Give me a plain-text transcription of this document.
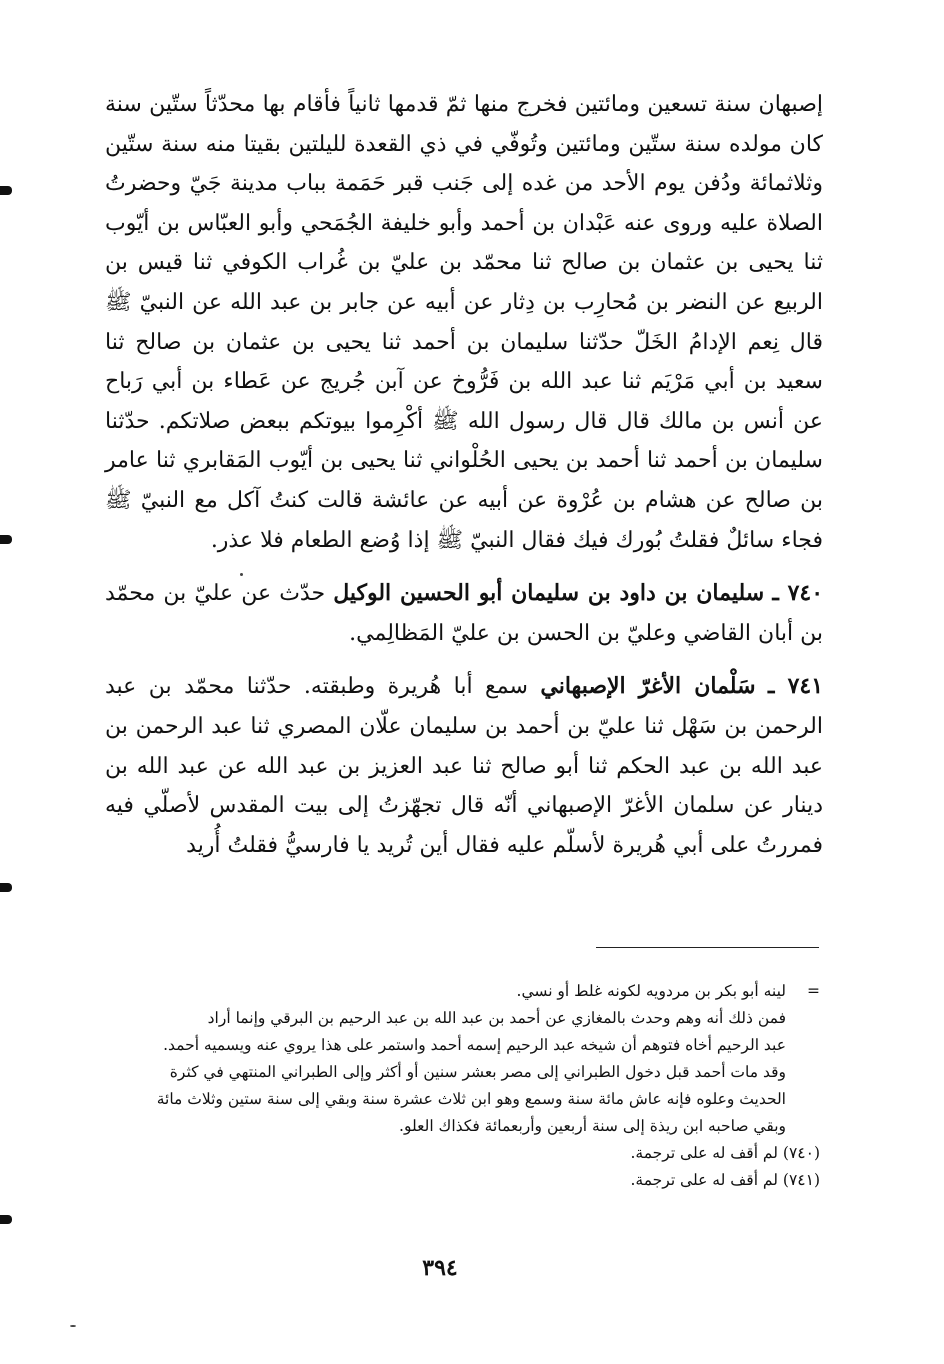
إصبهان سنة تسعين ومائتين فخرج منها ثمّ قدمها ثانياً فأقام بها محدّثاً ستّين سنة كان مولده سنة ستّين ومائتين وتُوفّي في ذي القعدة لليلتين بقيتا منه سنة ستّين وثلاثمائة ودُفن يوم الأحد من غده إلى جَنب قبر حَمَمة بباب مدينة جَيّ وحضرتُ الصلاة عليه وروى عنه عَبْدان بن أحمد وأبو خليفة الجُمَحي وأبو العبّاس بن أيّوب ثنا يحيى بن عثمان بن صالح ثنا محمّد بن عليّ بن غُراب الكوفي ثنا قيس بن الربيع عن النضر بن مُحارِب بن دِثار عن أبيه عن جابر بن عبد الله عن النبيّ ﷺ قال نِعم الإدامُ الخَلّ حدّثنا سليمان بن أحمد ثنا يحيى بن عثمان بن صالح ثنا سعيد بن أبي مَرْيَم ثنا عبد الله بن فَرُّوخ عن آبن جُريج عن عَطاء بن أبي رَباح عن أنس بن مالك قال قال رسول الله ﷺ أكْرِموا بيوتكم ببعض صلاتكم. حدّثنا سليمان بن أحمد ثنا أحمد بن يحيى الحُلْواني ثنا يحيى بن أيّوب المَقابري ثنا عامر بن صالح عن هشام بن عُرْوة عن أبيه عن عائشة قالت كنتُ آكل مع النبيّ ﷺ فجاء سائلٌ فقلتُ بُورك فيك فقال النبيّ ﷺ إذا وُضع الطعام فلا عذر.

٧٤٠ ـ سليمان بن داود بن سليمان أبو الحسين الوكيل حدّث عن عليّ بن محمّد بن أبان القاضي وعليّ بن الحسن بن عليّ المَظالِمي.

٧٤١ ـ سَلْمان الأغرّ الإصبهاني سمع أبا هُريرة وطبقته. حدّثنا محمّد بن عبد الرحمن بن سَهْل ثنا عليّ بن أحمد بن سليمان علّان المصري ثنا عبد الرحمن بن عبد الله بن عبد الحكم ثنا أبو صالح ثنا عبد العزيز بن عبد الله عن عبد الله بن دينار عن سلمان الأغرّ الإصبهاني أنّه قال تجهّزتُ إلى بيت المقدس لأصلّي فيه فمررتُ على أبي هُريرة لأسلّم عليه فقال أين تُريد يا فارسيُّ فقلتُ أُريد

=لينه أبو بكر بن مردويه لكونه غلط أو نسي.
فمن ذلك أنه وهم وحدث بالمغازي عن أحمد بن عبد الله بن عبد الرحيم بن البرقي وإنما أراد
عبد الرحيم أخاه فتوهم أن شيخه عبد الرحيم إسمه أحمد واستمر على هذا يروي عنه ويسميه أحمد.
وقد مات أحمد قبل دخول الطبراني إلى مصر بعشر سنين أو أكثر وإلى الطبراني المنتهي في كثرة
الحديث وعلوه فإنه عاش مائة سنة وسمع وهو ابن ثلاث عشرة سنة وبقي إلى سنة ستين وثلاث مائة
وبقي صاحبه ابن ريذة إلى سنة أربعين وأربعمائة فكذاك العلو.
(٧٤٠) لم أقف له على ترجمة.
(٧٤١) لم أقف له على ترجمة.
٣٩٤
